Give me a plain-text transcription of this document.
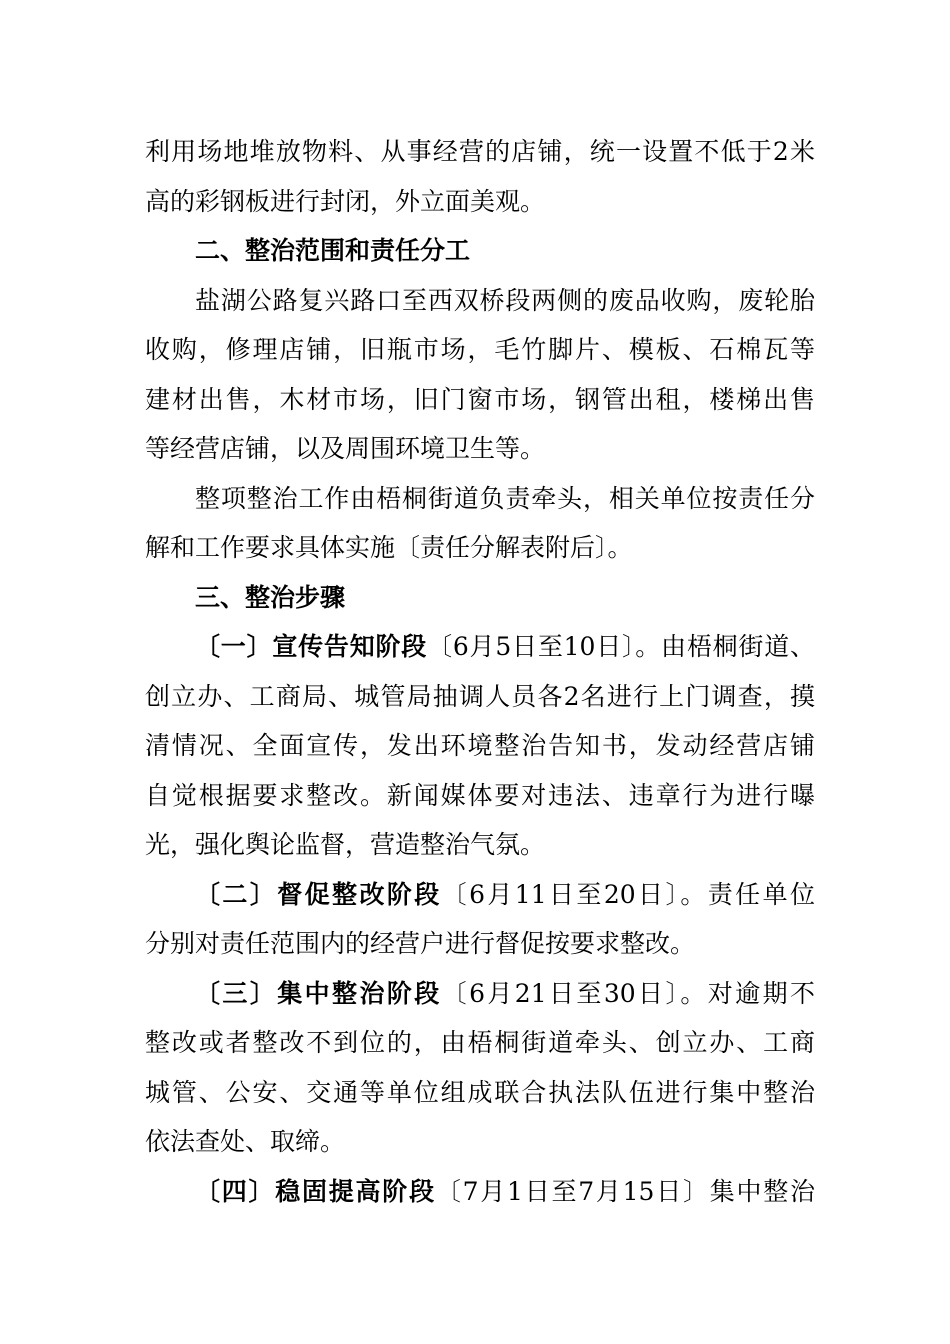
利用场地堆放物料、从事经营的店铺，统一设置不低于2米
高的彩钢板进行封闭，外立面美观。
二、整治范围和责任分工
盐湖公路复兴路口至西双桥段两侧的废品收购，废轮胎
收购，修理店铺，旧瓶市场，毛竹脚片、模板、石棉瓦等
建材出售，木材市场，旧门窗市场，钢管出租，楼梯出售
等经营店铺，以及周围环境卫生等。
整项整治工作由梧桐街道负责牵头，相关单位按责任分
解和工作要求具体实施〔责任分解表附后〕。
三、整治步骤
〔一〕宣传告知阶段〔6月5日至10日〕。由梧桐街道、
创立办、工商局、城管局抽调人员各2名进行上门调查，摸
清情况、全面宣传，发出环境整治告知书，发动经营店铺
自觉根据要求整改。新闻媒体要对违法、违章行为进行曝
光，强化舆论监督，营造整治气氛。
〔二〕督促整改阶段〔6月11日至20日〕。责任单位
分别对责任范围内的经营户进行督促按要求整改。
〔三〕集中整治阶段〔6月21日至30日〕。对逾期不
整改或者整改不到位的，由梧桐街道牵头、创立办、工商
城管、公安、交通等单位组成联合执法队伍进行集中整治
依法查处、取缔。
〔四〕稳固提高阶段〔7月1日至7月15日〕集中整治
